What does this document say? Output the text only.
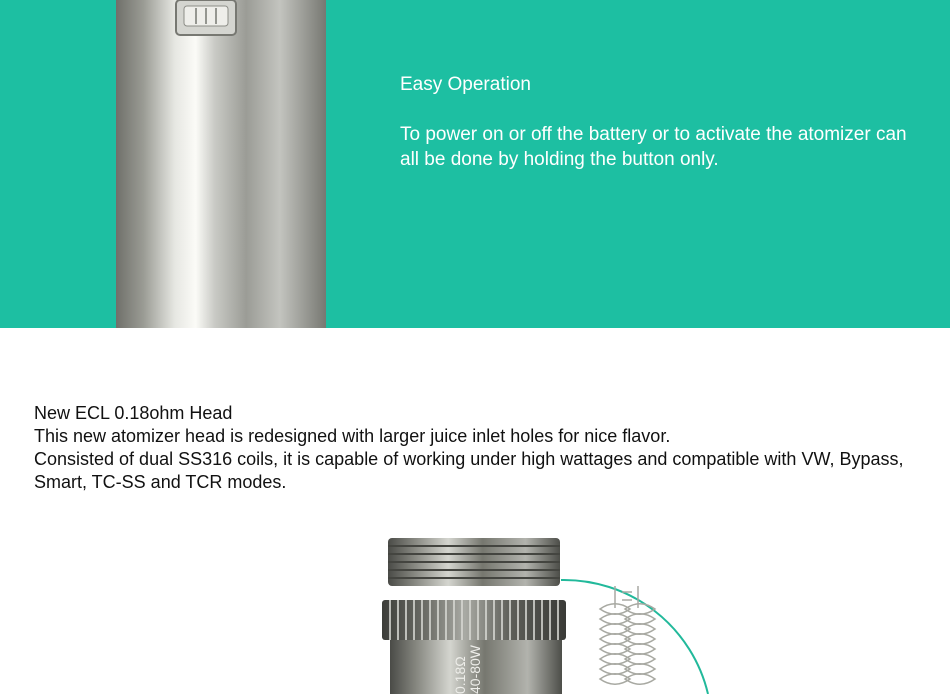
Easy Operation

To power on or off the battery or to activate the atomizer can all be done by holding the button only.

New ECL 0.18ohm Head

This new atomizer head is redesigned with larger juice inlet holes for nice flavor.

Consisted of dual SS316 coils, it is capable of working under high wattages and compatible with VW, Bypass, Smart, TC-SS and TCR modes.

0.18Ω 40-80W
